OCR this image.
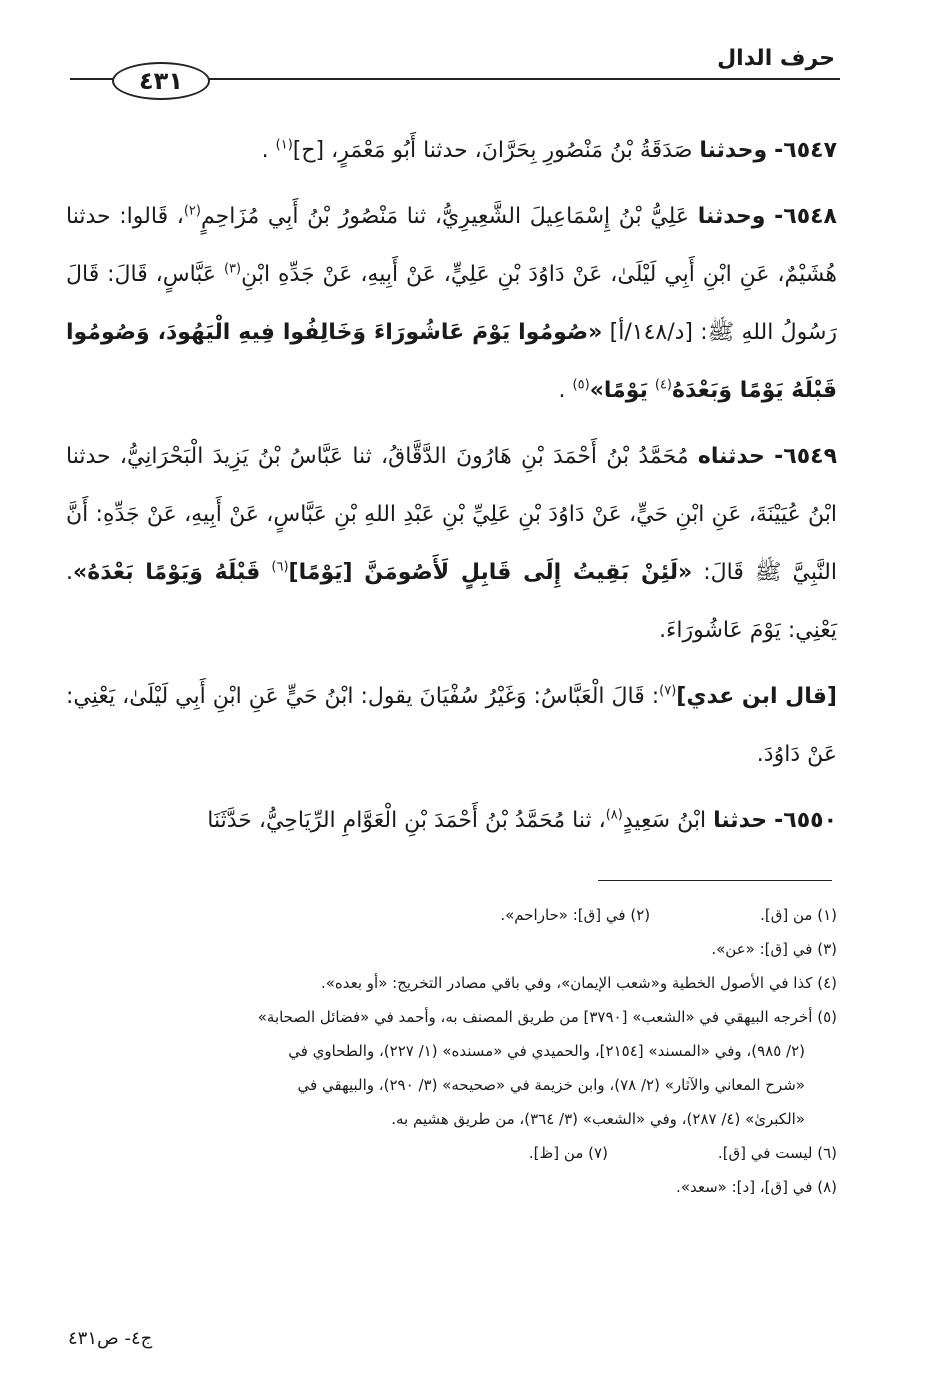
حرف الدال
٤٣١

٦٥٤٧- وحدثنا صَدَقَةُ بْنُ مَنْصُورِ بِحَرَّانَ، حدثنا أَبُو مَعْمَرٍ، [ح]$^{(١)}$ .

٦٥٤٨- وحدثنا عَلِيُّ بْنُ إِسْمَاعِيلَ الشَّعِيرِيُّ، ثنا مَنْصُورُ بْنُ أَبِي مُزَاحِمٍ$^{(٢)}$، قَالوا: حدثنا هُشَيْمٌ، عَنِ ابْنِ أَبِي لَيْلَىٰ، عَنْ دَاوُدَ بْنِ عَلِيٍّ، عَنْ أَبِيهِ، عَنْ جَدِّهِ ابْنِ$^{(٣)}$ عَبَّاسٍ، قَالَ: قَالَ رَسُولُ اللهِ ﷺ: [د/١٤٨/أ] «صُومُوا يَوْمَ عَاشُورَاءَ وَخَالِفُوا فِيهِ الْيَهُودَ، وَصُومُوا قَبْلَهُ يَوْمًا وَبَعْدَهُ$^{(٤)}$ يَوْمًا»$^{(٥)}$ .

٦٥٤٩- حدثناه مُحَمَّدُ بْنُ أَحْمَدَ بْنِ هَارُونَ الدَّقَّاقُ، ثنا عَبَّاسُ بْنُ يَزِيدَ الْبَحْرَانِيُّ، حدثنا ابْنُ عُيَيْنَةَ، عَنِ ابْنِ حَيٍّ، عَنْ دَاوُدَ بْنِ عَلِيِّ بْنِ عَبْدِ اللهِ بْنِ عَبَّاسٍ، عَنْ أَبِيهِ، عَنْ جَدِّهِ: أَنَّ النَّبِيَّ ﷺ قَالَ: «لَئِنْ بَقِيتُ إِلَى قَابِلٍ لَأَصُومَنَّ [يَوْمًا]$^{(٦)}$ قَبْلَهُ وَيَوْمًا بَعْدَهُ». يَعْنِي: يَوْمَ عَاشُورَاءَ.

[قال ابن عدي]$^{(٧)}$: قَالَ الْعَبَّاسُ: وَغَيْرُ سُفْيَانَ يقول: ابْنُ حَيٍّ عَنِ ابْنِ أَبِي لَيْلَىٰ، يَعْنِي: عَنْ دَاوُدَ.

٦٥٥٠- حدثنا ابْنُ سَعِيدٍ$^{(٨)}$، ثنا مُحَمَّدُ بْنُ أَحْمَدَ بْنِ الْعَوَّامِ الرِّيَاحِيُّ، حَدَّثَنَا

(١) من [ق].
(٢) في [ق]: «حاراحم».

(٣) في [ق]: «عن».

(٤) كذا في الأصول الخطية و«شعب الإيمان»، وفي باقي مصادر التخريج: «أو بعده».

(٥) أخرجه البيهقي في «الشعب» [٣٧٩٠] من طريق المصنف به، وأحمد في «فضائل الصحابة»

(٢/ ٩٨٥)، وفي «المسند» [٢١٥٤]، والحميدي في «مسنده» (١/ ٢٢٧)، والطحاوي في

«شرح المعاني والآثار» (٢/ ٧٨)، وابن خزيمة في «صحيحه» (٣/ ٢٩٠)، والبيهقي في

«الكبرىٰ» (٤/ ٢٨٧)، وفي «الشعب» (٣/ ٣٦٤)، من طريق هشيم به.

(٦) ليست في [ق].
(٧) من [ظ].

(٨) في [ق]، [د]: «سعد».

ج٤- ص٤٣١
